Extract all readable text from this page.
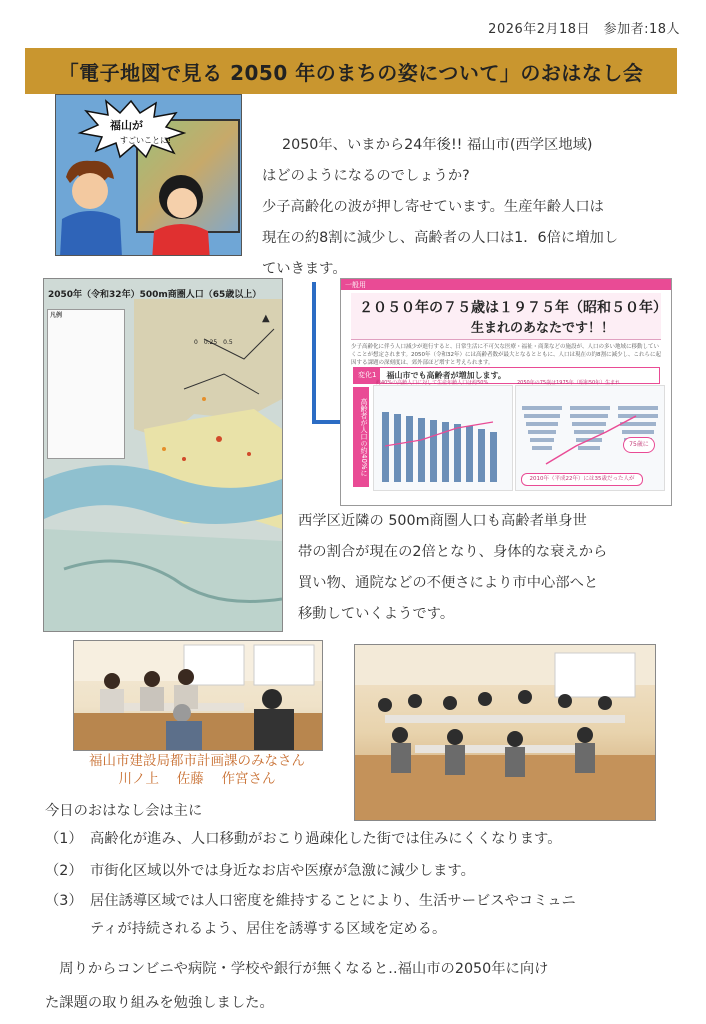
2026年2月18日　参加者:18人
「電子地図で見る 2050 年のまちの姿について」のおはなし会
福山が
すごいことに!	2050年、いまから24年後!! 福山市(西学区地域)
はどのようになるのでしょうか?
少子高齢化の波が押し寄せています。生産年齢人口は
現在の約8割に減少し、高齢者の人口は1．6倍に増加し
ていきます。
2050年（令和32年）500m商圏人口（65歳以上）
凡例
0　0.25　0.5
▲
一般用
２０５０年の７５歳は１９７５年（昭和５０年）
生まれのあなたです！！
少子高齢化に伴う人口減少が進行すると、日常生活に不可欠な医療・福祉・商業などの施設が、人口の多い地域に移動していくことが想定されます。2050年（令和32年）には高齢者数が最大となるとともに、人口は現在の約8割に減少し、これらに起因する課題の深刻度は、郊外部ほど増すと考えられます。
変化1	福山市でも高齢者が増加します。
約40%の高齢人口に対して生産年齢人口は約50%	2050年の75歳は1975年（昭和50年）生まれ
高齢者が人口の約40%に	75歳に
2010年（平成22年）には35歳だった人が
西学区近隣の 500m商圏人口も高齢者単身世
帯の割合が現在の2倍となり、身体的な衰えから
買い物、通院などの不便さにより市中心部へと
移動していくようです。
福山市建設局都市計画課のみなさん
川ノ上　 佐藤　 作宮さん
今日のおはなし会は主に
（1） 高齢化が進み、人口移動がおこり過疎化した街では住みにくくなります。
（2） 市街化区域以外では身近なお店や医療が急激に減少します。
（3） 居住誘導区域では人口密度を維持することにより、生活サービスやコミュニ
ティが持続されるよう、居住を誘導する区域を定める。
　周りからコンビニや病院・学校や銀行が無くなると‥福山市の2050年に向け
た課題の取り組みを勉強しました。
